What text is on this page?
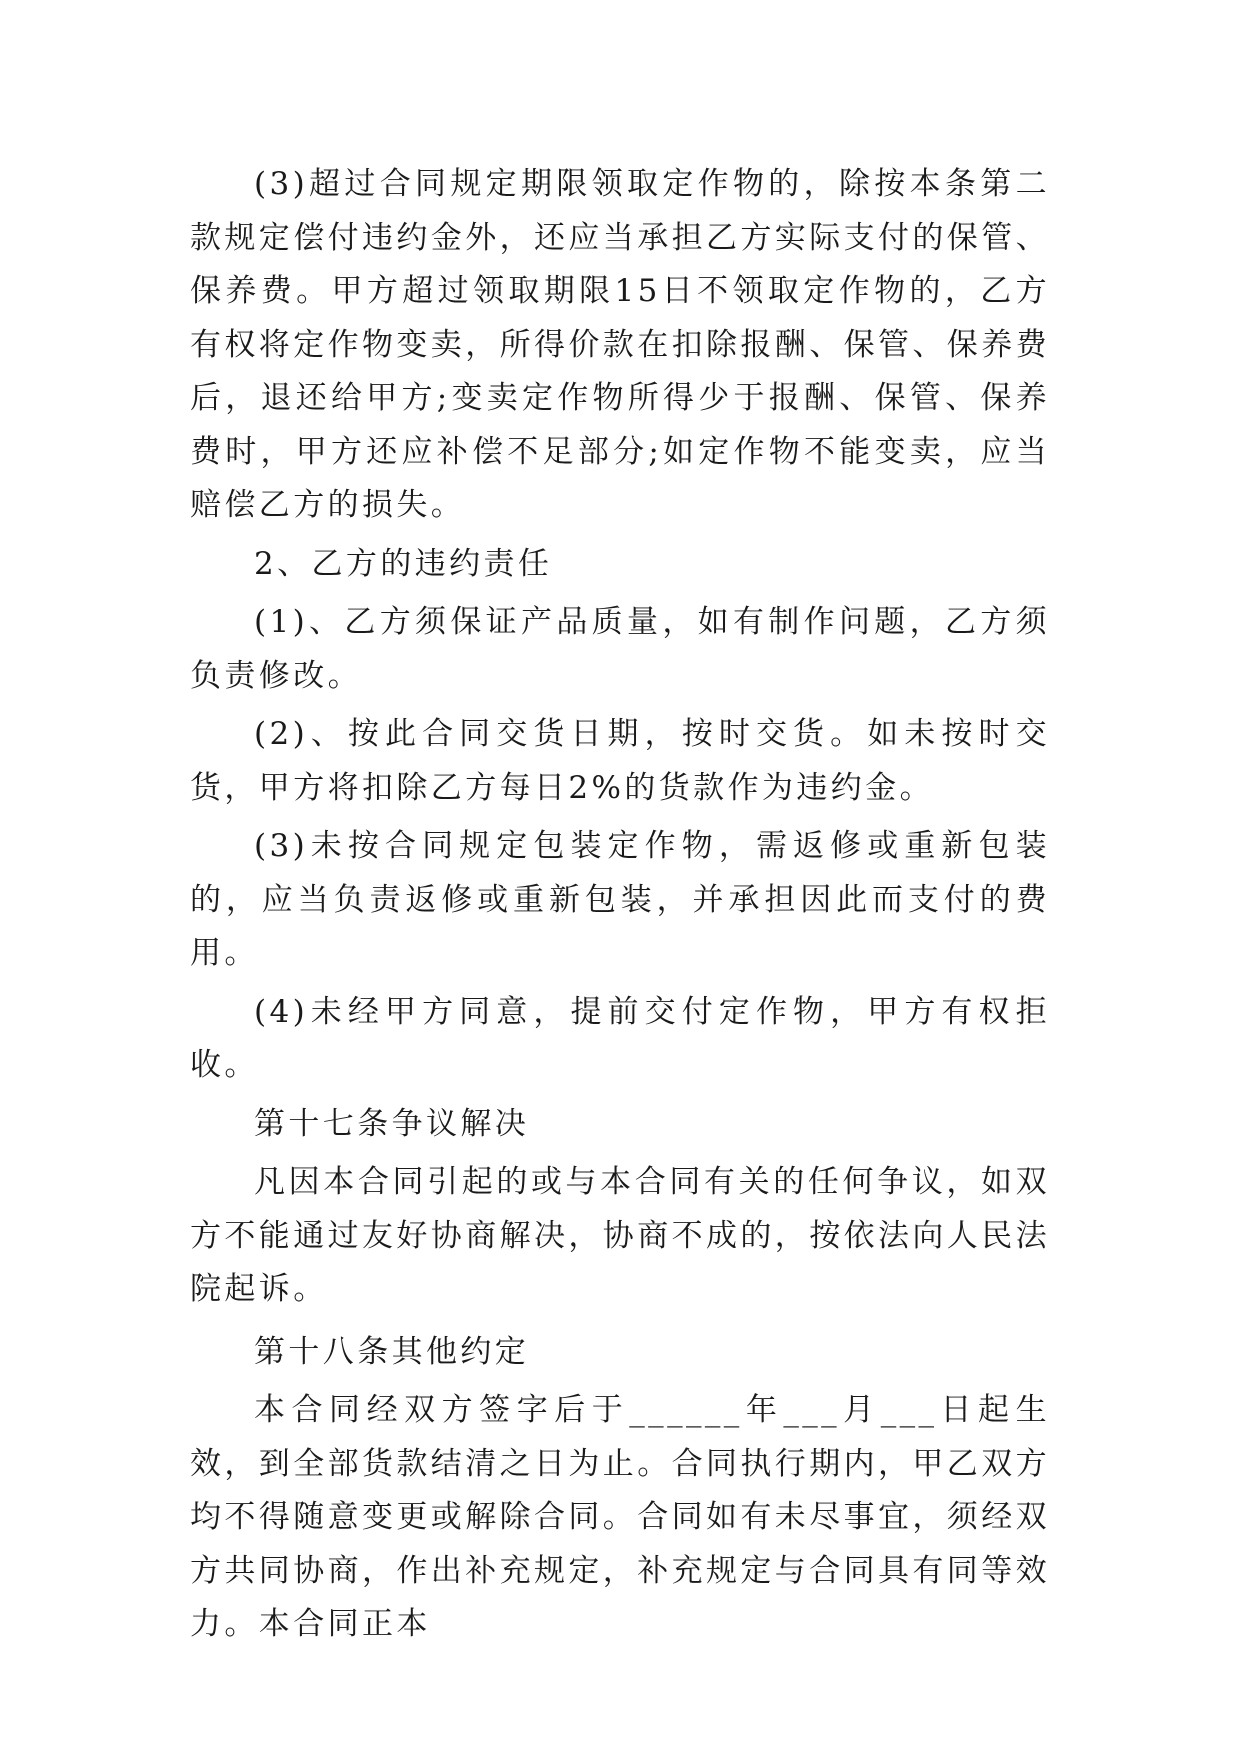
(3)超过合同规定期限领取定作物的，除按本条第二款规定偿付违约金外，还应当承担乙方实际支付的保管、保养费。甲方超过领取期限15日不领取定作物的，乙方有权将定作物变卖，所得价款在扣除报酬、保管、保养费后，退还给甲方;变卖定作物所得少于报酬、保管、保养费时，甲方还应补偿不足部分;如定作物不能变卖，应当赔偿乙方的损失。

2、乙方的违约责任

(1)、乙方须保证产品质量，如有制作问题，乙方须负责修改。

(2)、按此合同交货日期，按时交货。如未按时交货，甲方将扣除乙方每日2%的货款作为违约金。

(3)未按合同规定包装定作物，需返修或重新包装的，应当负责返修或重新包装，并承担因此而支付的费用。

(4)未经甲方同意，提前交付定作物，甲方有权拒收。

第十七条争议解决

凡因本合同引起的或与本合同有关的任何争议，如双方不能通过友好协商解决，协商不成的，按依法向人民法院起诉。

第十八条其他约定

本合同经双方签字后于______年___月___日起生效，到全部货款结清之日为止。合同执行期内，甲乙双方均不得随意变更或解除合同。合同如有未尽事宜，须经双方共同协商，作出补充规定，补充规定与合同具有同等效力。本合同正本
